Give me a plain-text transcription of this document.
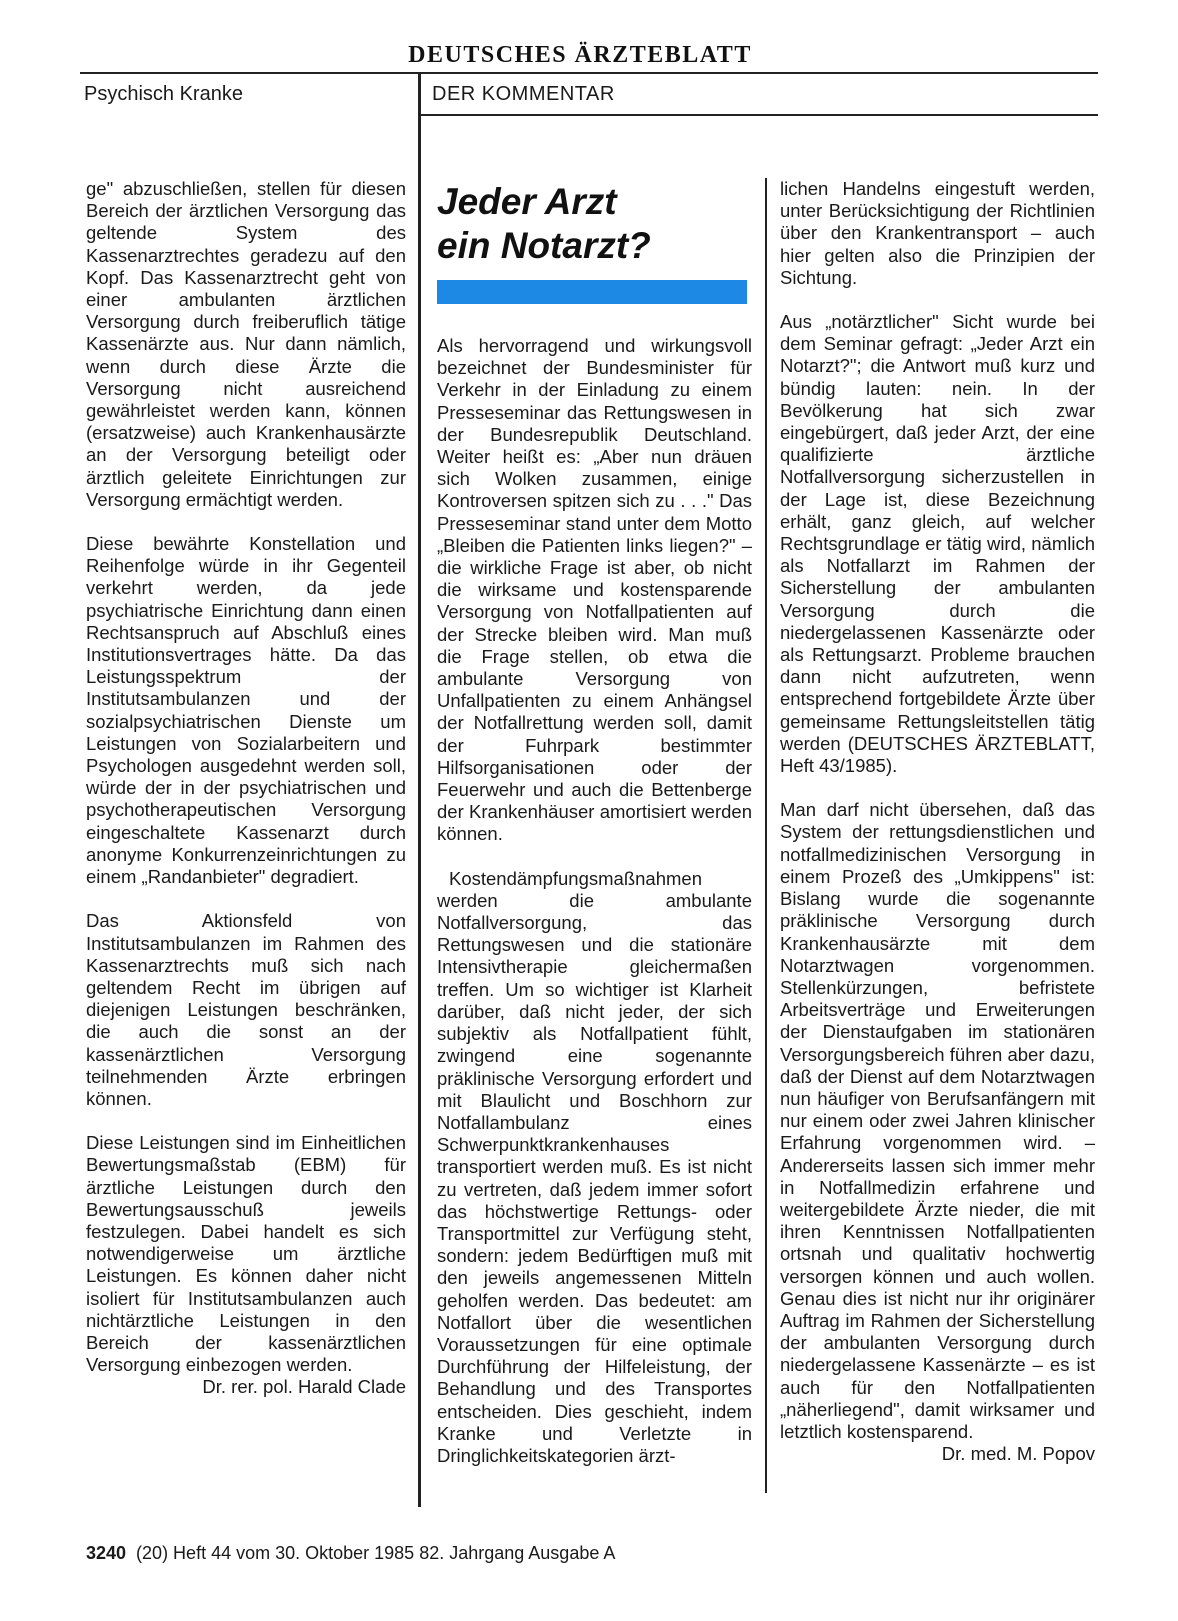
DEUTSCHES ÄRZTEBLATT
Psychisch Kranke	DER KOMMENTAR

ge" abzuschließen, stellen für diesen Bereich der ärztlichen Versorgung das geltende System des Kassenarztrechtes geradezu auf den Kopf. Das Kassenarztrecht geht von einer ambulanten ärztlichen Versorgung durch freiberuflich tätige Kassenärzte aus. Nur dann nämlich, wenn durch diese Ärzte die Versorgung nicht ausreichend gewährleistet werden kann, können (ersatzweise) auch Krankenhausärzte an der Versorgung beteiligt oder ärztlich geleitete Einrichtungen zur Versorgung ermächtigt werden.

Diese bewährte Konstellation und Reihenfolge würde in ihr Gegenteil verkehrt werden, da jede psychiatrische Einrichtung dann einen Rechtsanspruch auf Abschluß eines Institutionsvertrages hätte. Da das Leistungsspektrum der Institutsambulanzen und der sozialpsychiatrischen Dienste um Leistungen von Sozialarbeitern und Psychologen ausgedehnt werden soll, würde der in der psychiatrischen und psychotherapeutischen Versorgung eingeschaltete Kassenarzt durch anonyme Konkurrenzeinrichtungen zu einem „Randanbieter" degradiert.

Das Aktionsfeld von Institutsambulanzen im Rahmen des Kassenarztrechts muß sich nach geltendem Recht im übrigen auf diejenigen Leistungen beschränken, die auch die sonst an der kassenärztlichen Versorgung teilnehmenden Ärzte erbringen können.

Diese Leistungen sind im Einheitlichen Bewertungsmaßstab (EBM) für ärztliche Leistungen durch den Bewertungsausschuß jeweils festzulegen. Dabei handelt es sich notwendigerweise um ärztliche Leistungen. Es können daher nicht isoliert für Institutsambulanzen auch nichtärztliche Leistungen in den Bereich der kassenärztlichen Versorgung einbezogen werden.

Dr. rer. pol. Harald Clade
Jeder Arzt
ein Notarzt?

Als hervorragend und wirkungsvoll bezeichnet der Bundesminister für Verkehr in der Einladung zu einem Presseseminar das Rettungswesen in der Bundesrepublik Deutschland. Weiter heißt es: „Aber nun dräuen sich Wolken zusammen, einige Kontroversen spitzen sich zu . . ." Das Presseseminar stand unter dem Motto „Bleiben die Patienten links liegen?" – die wirkliche Frage ist aber, ob nicht die wirksame und kostensparende Versorgung von Notfallpatienten auf der Strecke bleiben wird. Man muß die Frage stellen, ob etwa die ambulante Versorgung von Unfallpatienten zu einem Anhängsel der Notfallrettung werden soll, damit der Fuhrpark bestimmter Hilfsorganisationen oder der Feuerwehr und auch die Bettenberge der Krankenhäuser amortisiert werden können.

Kostendämpfungsmaßnahmen werden die ambulante Notfallversorgung, das Rettungswesen und die stationäre Intensivtherapie gleichermaßen treffen. Um so wichtiger ist Klarheit darüber, daß nicht jeder, der sich subjektiv als Notfallpatient fühlt, zwingend eine sogenannte präklinische Versorgung erfordert und mit Blaulicht und Boschhorn zur Notfallambulanz eines Schwerpunktkrankenhauses transportiert werden muß. Es ist nicht zu vertreten, daß jedem immer sofort das höchstwertige Rettungs- oder Transportmittel zur Verfügung steht, sondern: jedem Bedürftigen muß mit den jeweils angemessenen Mitteln geholfen werden. Das bedeutet: am Notfallort über die wesentlichen Voraussetzungen für eine optimale Durchführung der Hilfeleistung, der Behandlung und des Transportes entscheiden. Dies geschieht, indem Kranke und Verletzte in Dringlichkeitskategorien ärzt-

lichen Handelns eingestuft werden, unter Berücksichtigung der Richtlinien über den Krankentransport – auch hier gelten also die Prinzipien der Sichtung.

Aus „notärztlicher" Sicht wurde bei dem Seminar gefragt: „Jeder Arzt ein Notarzt?"; die Antwort muß kurz und bündig lauten: nein. In der Bevölkerung hat sich zwar eingebürgert, daß jeder Arzt, der eine qualifizierte ärztliche Notfallversorgung sicherzustellen in der Lage ist, diese Bezeichnung erhält, ganz gleich, auf welcher Rechtsgrundlage er tätig wird, nämlich als Notfallarzt im Rahmen der Sicherstellung der ambulanten Versorgung durch die niedergelassenen Kassenärzte oder als Rettungsarzt. Probleme brauchen dann nicht aufzutreten, wenn entsprechend fortgebildete Ärzte über gemeinsame Rettungsleitstellen tätig werden (DEUTSCHES ÄRZTEBLATT, Heft 43/1985).

Man darf nicht übersehen, daß das System der rettungsdienstlichen und notfallmedizinischen Versorgung in einem Prozeß des „Umkippens" ist: Bislang wurde die sogenannte präklinische Versorgung durch Krankenhausärzte mit dem Notarztwagen vorgenommen. Stellenkürzungen, befristete Arbeitsverträge und Erweiterungen der Dienstaufgaben im stationären Versorgungsbereich führen aber dazu, daß der Dienst auf dem Notarztwagen nun häufiger von Berufsanfängern mit nur einem oder zwei Jahren klinischer Erfahrung vorgenommen wird. – Andererseits lassen sich immer mehr in Notfallmedizin erfahrene und weitergebildete Ärzte nieder, die mit ihren Kenntnissen Notfallpatienten ortsnah und qualitativ hochwertig versorgen können und auch wollen. Genau dies ist nicht nur ihr originärer Auftrag im Rahmen der Sicherstellung der ambulanten Versorgung durch niedergelassene Kassenärzte – es ist auch für den Notfallpatienten „näherliegend", damit wirksamer und letztlich kostensparend.

Dr. med. M. Popov
3240 (20) Heft 44 vom 30. Oktober 1985 82. Jahrgang Ausgabe A
